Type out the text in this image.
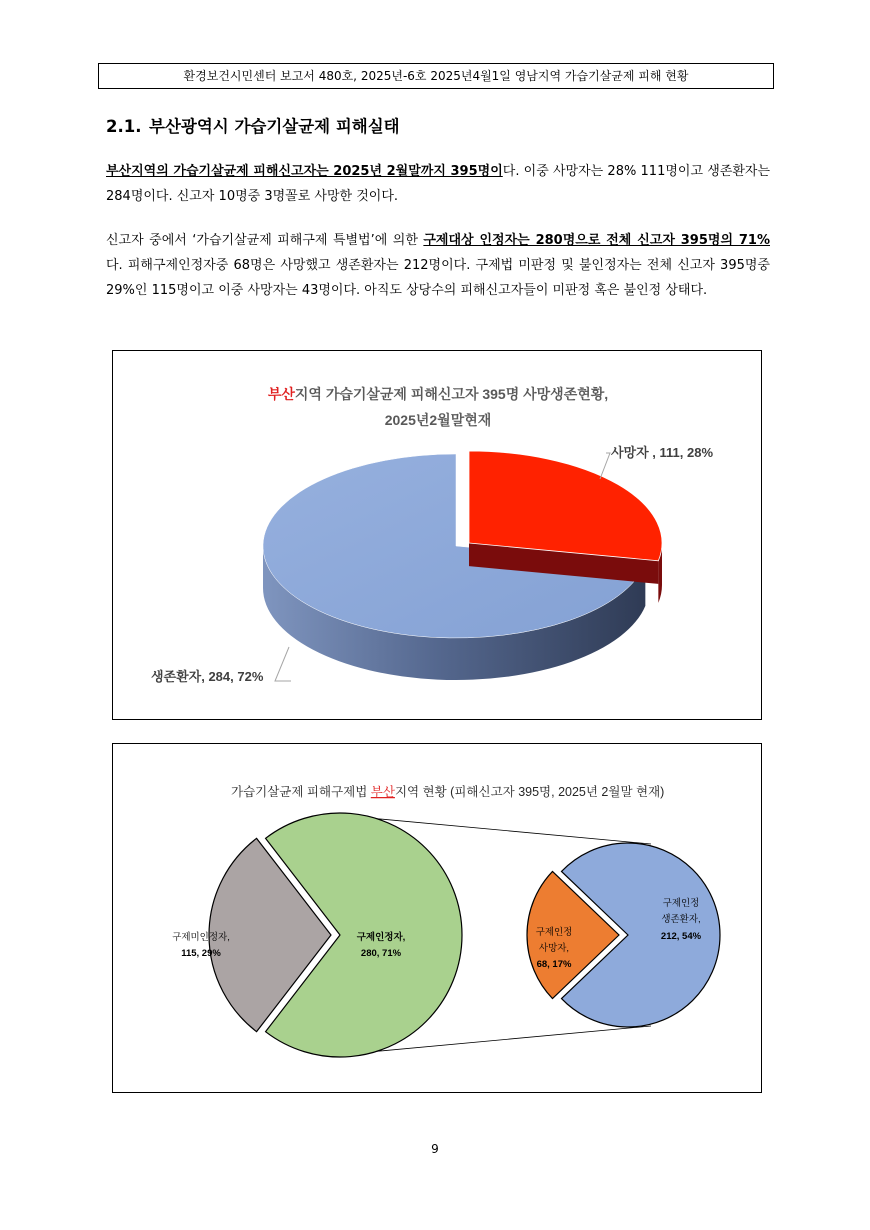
환경보건시민센터 보고서 480호, 2025년-6호 2025년4월1일 영남지역 가습기살균제 피해 현황
2.1. 부산광역시 가습기살균제 피해실태
부산지역의 가습기살균제 피해신고자는 2025년 2월말까지 395명이다. 이중 사망자는 28% 111명이고 생존환자는 284명이다. 신고자 10명중 3명꼴로 사망한 것이다.
신고자 중에서 ‘가습기살균제 피해구제 특별법’에 의한 구제대상 인정자는 280명으로 전체 신고자 395명의 71%다. 피해구제인정자중 68명은 사망했고 생존환자는 212명이다. 구제법 미판정 및 불인정자는 전체 신고자 395명중 29%인 115명이고 이중 사망자는 43명이다. 아직도 상당수의 피해신고자들이 미판정 혹은 불인정 상태다.
부산지역 가습기살균제 피해신고자 395명 사망생존현황,
2025년2월말현재
사망자 , 111, 28%
생존환자, 284, 72%
가습기살균제 피해구제법 부산지역 현황 (피해신고자 395명, 2025년 2월말 현재)
구제미인정자,
115, 29%
구제인정자,
280, 71%
구제인정
사망자,
68, 17%
구제인정
생존환자,
212, 54%
9
